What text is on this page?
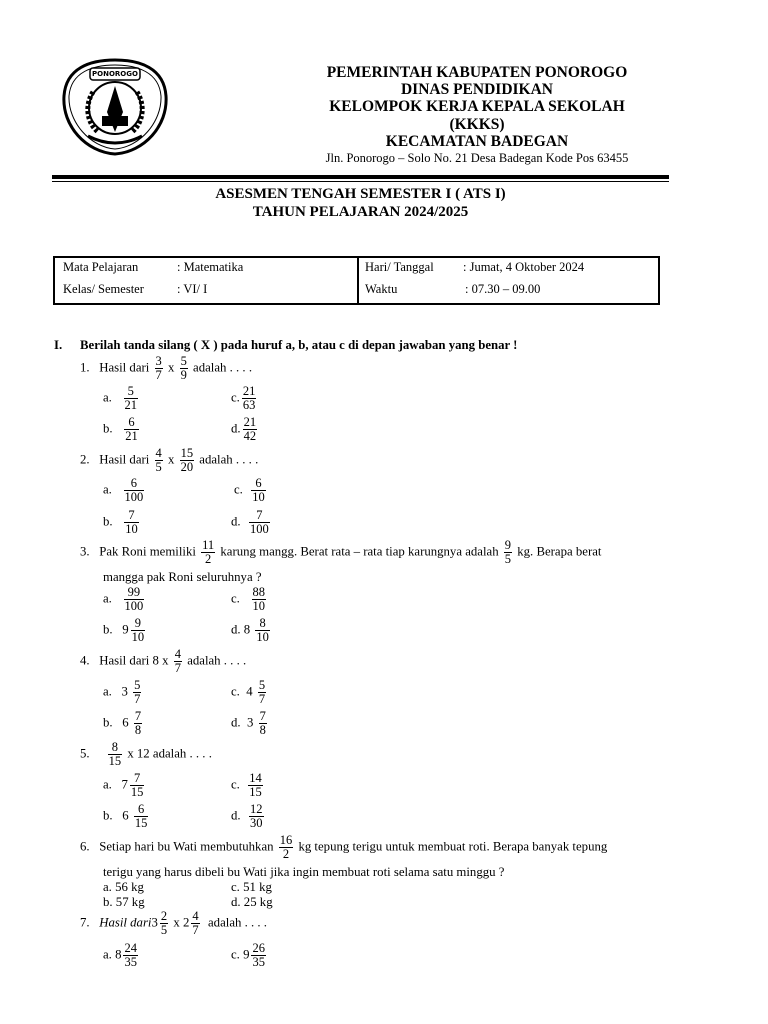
PONOROGO	PEMERINTAH KABUPATEN PONOROGO
DINAS PENDIDIKAN
KELOMPOK KERJA KEPALA SEKOLAH
(KKKS)
KECAMATAN BADEGAN
Jln. Ponorogo – Solo No. 21 Desa Badegan Kode Pos 63455
ASESMEN TENGAH SEMESTER I ( ATS I)
TAHUN PELAJARAN 2024/2025
Mata Pelajaran	: Matematika
Kelas/ Semester	: VI/ I
Hari/ Tanggal : Jumat, 4 Oktober 2024
Waktu	: 07.30 – 09.00
I. Berilah tanda silang ( X ) pada huruf a, b, atau c di depan jawaban yang benar !
1. Hasil dari $\frac{3}{7}$ x $\frac{5}{9}$ adalah . . . .
a. $\frac{5}{21}$
b. $\frac{6}{21}$
c. $\frac{21}{63}$
d. $\frac{21}{42}$
2. Hasil dari $\frac{4}{5}$ x $\frac{15}{20}$ adalah . . . .
a. $\frac{6}{100}$
b. $\frac{7}{10}$
c. $\frac{6}{10}$
d. $\frac{7}{100}$
3. Pak Roni memiliki $\frac{11}{2}$ karung mangg. Berat rata – rata tiap karungnya adalah $\frac{9}{5}$ kg. Berapa berat
mangga pak Roni seluruhnya ?
a. $\frac{99}{100}$
b. $9 \frac{9}{10}$
c. $\frac{88}{10}$
d. $8 \frac{8}{10}$
4. Hasil dari 8 x $\frac{4}{7}$ adalah . . . .
a. $3 \frac{5}{7}$
b. $6 \frac{7}{8}$
c. $4 \frac{5}{7}$
d. $3 \frac{7}{8}$
5. $\frac{8}{15}$ x 12 adalah . . . .
a. $7 \frac{7}{15}$
b. $6 \frac{6}{15}$
c. $\frac{14}{15}$
d. $\frac{12}{30}$
6. Setiap hari bu Wati membutuhkan $\frac{16}{2}$ kg tepung terigu untuk membuat roti. Berapa banyak tepung
terigu yang harus dibeli bu Wati jika ingin membuat roti selama satu minggu ?
a. 56 kg
b. 57 kg
c. 51 kg
d. 25 kg
7. Hasil dari3 $\frac{2}{5}$ x $2 \frac{4}{7}$ adalah . . . .
a. $8 \frac{24}{35}$	c. $9 \frac{26}{35}$
